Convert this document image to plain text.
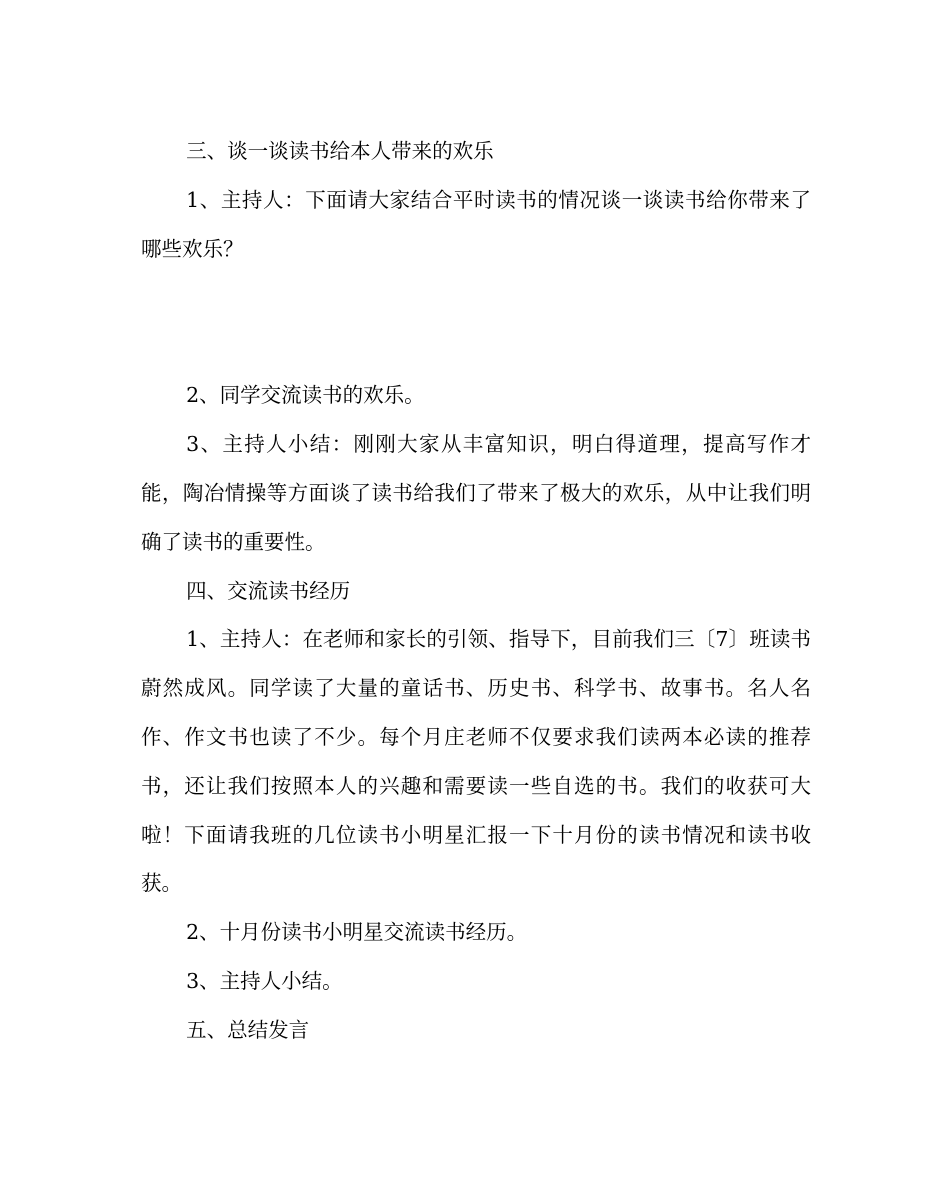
三、谈一谈读书给本人带来的欢乐

1、主持人：下面请大家结合平时读书的情况谈一谈读书给你带来了哪些欢乐？

2、同学交流读书的欢乐。

3、主持人小结：刚刚大家从丰富知识，明白得道理，提高写作才能，陶冶情操等方面谈了读书给我们了带来了极大的欢乐，从中让我们明确了读书的重要性。

四、交流读书经历

1、主持人：在老师和家长的引领、指导下，目前我们三〔7〕班读书蔚然成风。同学读了大量的童话书、历史书、科学书、故事书。名人名作、作文书也读了不少。每个月庄老师不仅要求我们读两本必读的推荐书，还让我们按照本人的兴趣和需要读一些自选的书。我们的收获可大啦！下面请我班的几位读书小明星汇报一下十月份的读书情况和读书收获。

2、十月份读书小明星交流读书经历。

3、主持人小结。

五、总结发言
